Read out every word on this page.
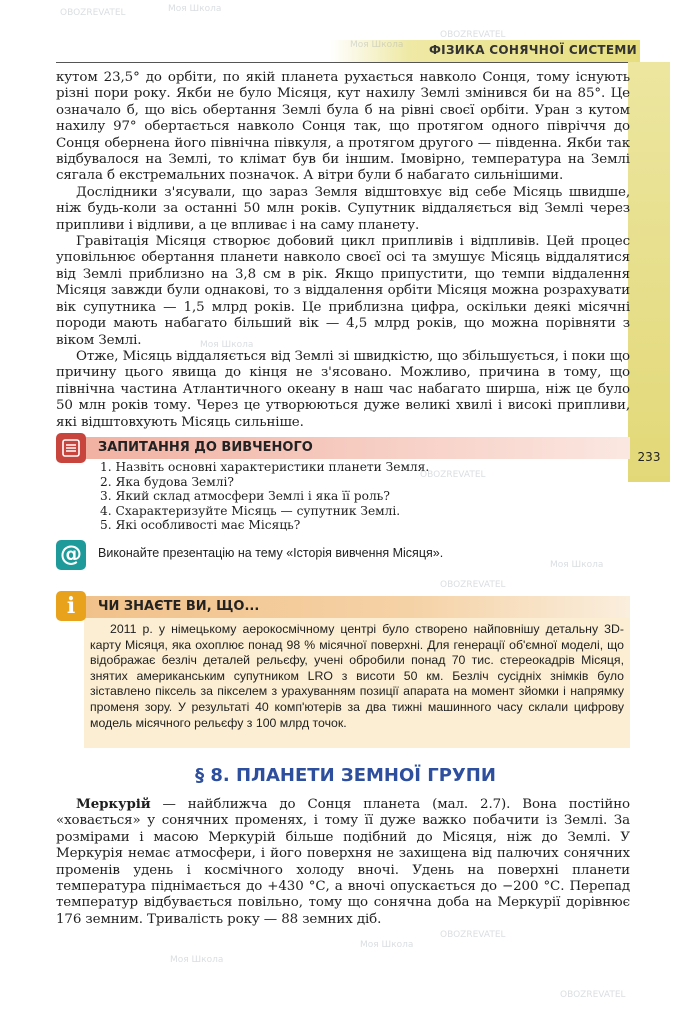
ФІЗИКА СОНЯЧНОЇ СИСТЕМИ
233

кутом 23,5° до орбіти, по якій планета рухається навколо Сонця, тому існують різні пори року. Якби не було Місяця, кут нахилу Землі змінився би на 85°. Це означало б, що вісь обертання Землі була б на рівні своєї орбіти. Уран з кутом нахилу 97° обертається навколо Сонця так, що протягом одного півріччя до Сонця обернена його північна півкуля, а протягом другого — південна. Якби так відбувалося на Землі, то клімат був би іншим. Імовірно, температура на Землі сягала б екстремальних позначок. А вітри були б набагато сильнішими.

Дослідники з'ясували, що зараз Земля відштовхує від себе Місяць швидше, ніж будь-коли за останні 50 млн років. Супутник віддаляється від Землі через припливи і відливи, а це впливає і на саму планету.

Гравітація Місяця створює добовий цикл припливів і відпливів. Цей процес уповільнює обертання планети навколо своєї осі та змушує Місяць віддалятися від Землі приблизно на 3,8 см в рік. Якщо припустити, що темпи віддалення Місяця завжди були однакові, то з віддалення орбіти Місяця можна розрахувати вік супутника — 1,5 млрд років. Це приблизна цифра, оскільки деякі місячні породи мають набагато більший вік — 4,5 млрд років, що можна порівняти з віком Землі.

Отже, Місяць віддаляється від Землі зі швидкістю, що збільшується, і поки що причину цього явища до кінця не з'ясовано. Можливо, причина в тому, що північна частина Атлантичного океану в наш час набагато ширша, ніж це було 50 млн років тому. Через це утворюються дуже великі хвилі і високі припливи, які відштовхують Місяць сильніше.

ЗАПИТАННЯ ДО ВИВЧЕНОГО
1. Назвіть основні характеристики планети Земля.
2. Яка будова Землі?
3. Який склад атмосфери Землі і яка її роль?
4. Схарактеризуйте Місяць — супутник Землі.
5. Які особливості має Місяць?
@ Виконайте презентацію на тему «Історія вивчення Місяця».
i ЧИ ЗНАЄТЕ ВИ, ЩО...

2011 р. у німецькому аерокосмічному центрі було створено найповнішу детальну 3D-карту Місяця, яка охоплює понад 98 % місячної поверхні. Для генерації об'ємної моделі, що відображає безліч деталей рельєфу, учені обробили понад 70 тис. стереокадрів Місяця, знятих американським супутником LRO з висоти 50 км. Безліч сусідніх знімків було зіставлено піксель за пікселем з урахуванням позиції апарата на момент зйомки і напрямку променя зору. У результаті 40 комп'ютерів за два тижні машинного часу склали цифрову модель місячного рельєфу з 100 млрд точок.

§ 8. ПЛАНЕТИ ЗЕМНОЇ ГРУПИ

Меркурій — найближча до Сонця планета (мал. 2.7). Вона постійно «ховається» у сонячних променях, і тому її дуже важко побачити із Землі. За розмірами і масою Меркурій більше подібний до Місяця, ніж до Землі. У Меркурія немає атмосфери, і його поверхня не захищена від палючих сонячних променів удень і космічного холоду вночі. Удень на поверхні планети температура піднімається до +430 °С, а вночі опускається до −200 °С. Перепад температур відбувається повільно, тому що сонячна доба на Меркурії дорівнює 176 земним. Тривалість року — 88 земних діб.

Моя Школа
OBOZREVATEL
Моя Школа
OBOZREVATEL
Моя Школа
OBOZREVATEL
Моя Школа
OBOZREVATEL
Моя Школа
OBOZREVATEL
Моя Школа
OBOZREVATEL
